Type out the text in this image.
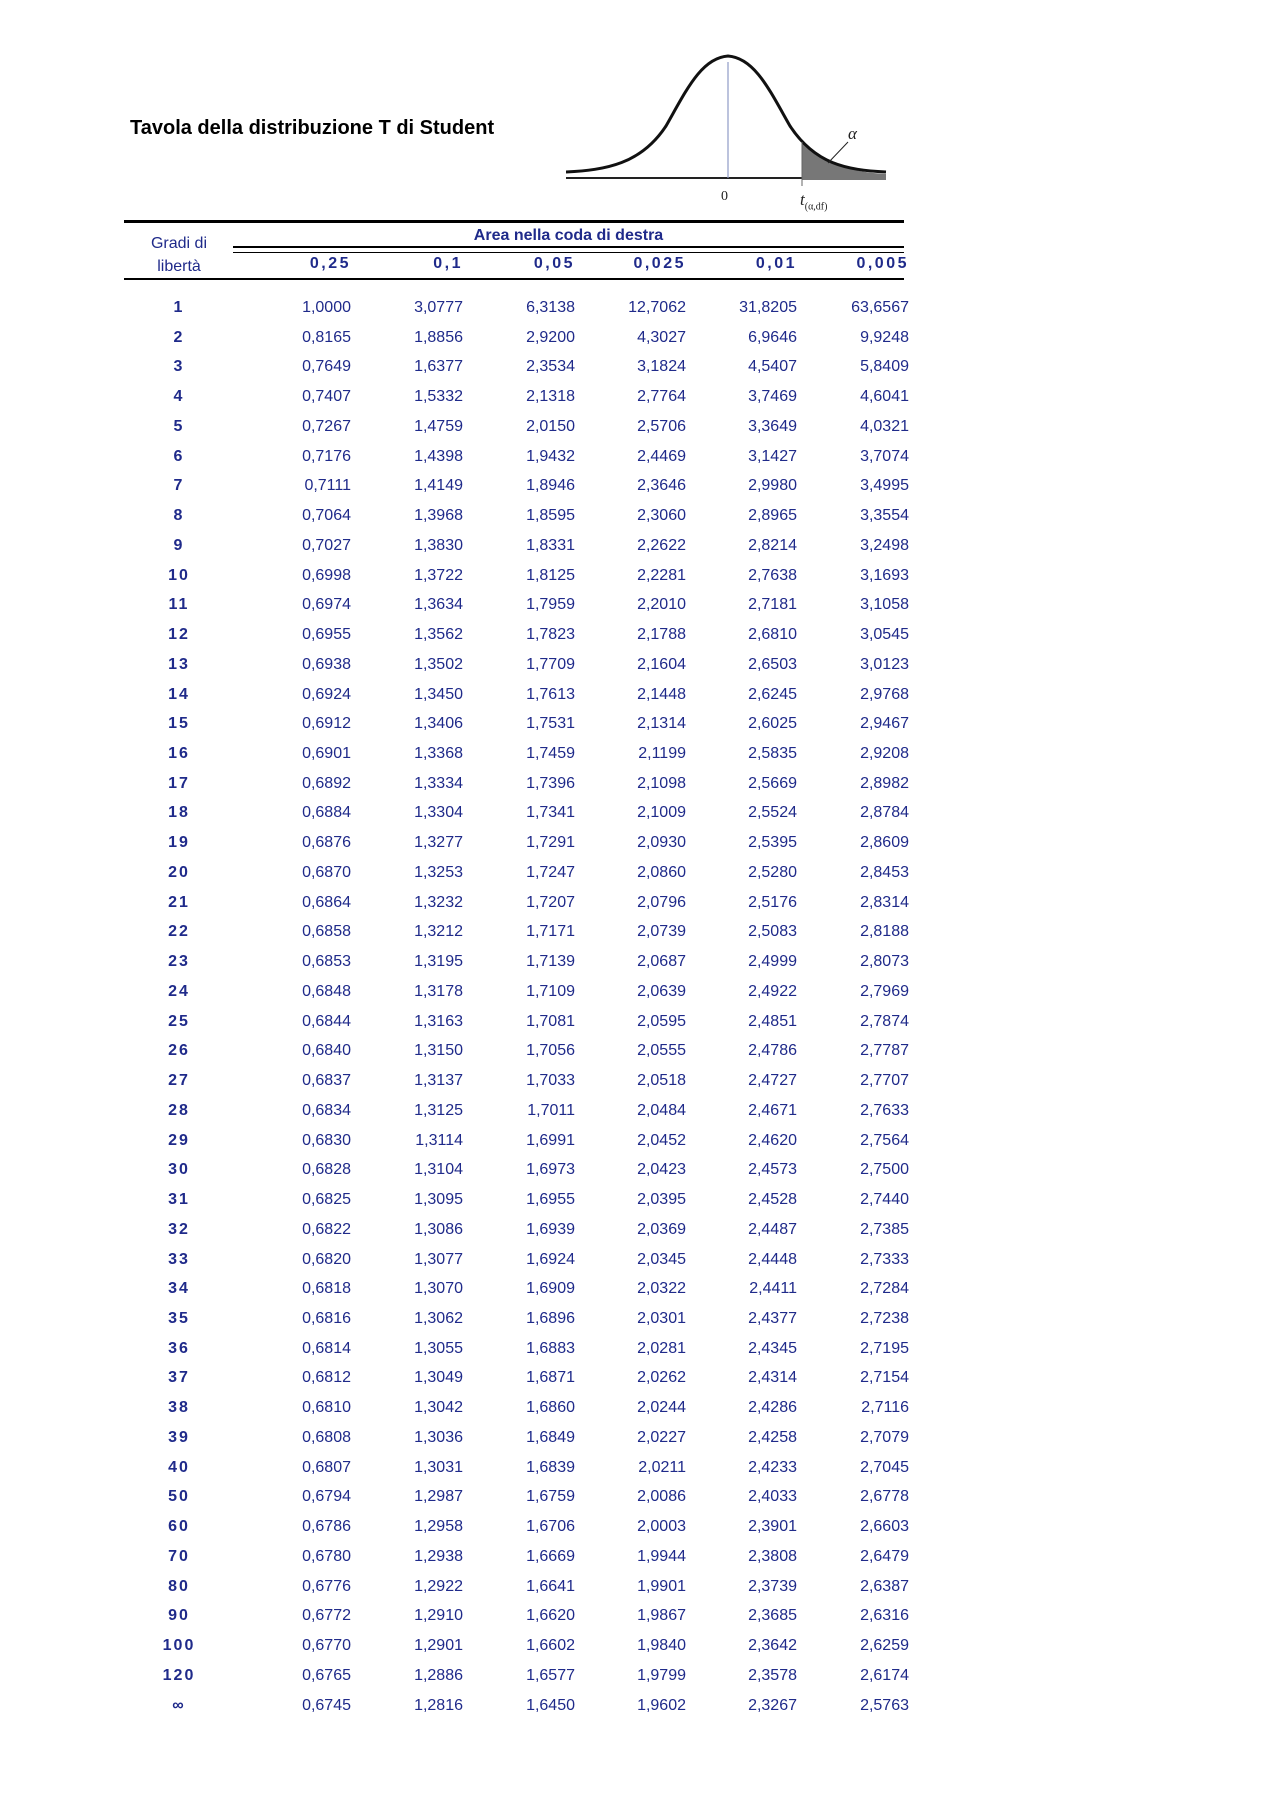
Tavola della distribuzione T di Student
0	$t_{(\alpha,df)}$
α
Gradi di
libertà
Area nella coda di destra
0,25	0,1	0,05	0,025	0,01	0,005
1	1,0000	3,0777	6,3138	12,7062	31,8205	63,6567
2	0,8165	1,8856	2,9200	4,3027	6,9646	9,9248
3	0,7649	1,6377	2,3534	3,1824	4,5407	5,8409
4	0,7407	1,5332	2,1318	2,7764	3,7469	4,6041
5	0,7267	1,4759	2,0150	2,5706	3,3649	4,0321
6	0,7176	1,4398	1,9432	2,4469	3,1427	3,7074
7	0,7111	1,4149	1,8946	2,3646	2,9980	3,4995
8	0,7064	1,3968	1,8595	2,3060	2,8965	3,3554
9	0,7027	1,3830	1,8331	2,2622	2,8214	3,2498
10	0,6998	1,3722	1,8125	2,2281	2,7638	3,1693
11	0,6974	1,3634	1,7959	2,2010	2,7181	3,1058
12	0,6955	1,3562	1,7823	2,1788	2,6810	3,0545
13	0,6938	1,3502	1,7709	2,1604	2,6503	3,0123
14	0,6924	1,3450	1,7613	2,1448	2,6245	2,9768
15	0,6912	1,3406	1,7531	2,1314	2,6025	2,9467
16	0,6901	1,3368	1,7459	2,1199	2,5835	2,9208
17	0,6892	1,3334	1,7396	2,1098	2,5669	2,8982
18	0,6884	1,3304	1,7341	2,1009	2,5524	2,8784
19	0,6876	1,3277	1,7291	2,0930	2,5395	2,8609
20	0,6870	1,3253	1,7247	2,0860	2,5280	2,8453
21	0,6864	1,3232	1,7207	2,0796	2,5176	2,8314
22	0,6858	1,3212	1,7171	2,0739	2,5083	2,8188
23	0,6853	1,3195	1,7139	2,0687	2,4999	2,8073
24	0,6848	1,3178	1,7109	2,0639	2,4922	2,7969
25	0,6844	1,3163	1,7081	2,0595	2,4851	2,7874
26	0,6840	1,3150	1,7056	2,0555	2,4786	2,7787
27	0,6837	1,3137	1,7033	2,0518	2,4727	2,7707
28	0,6834	1,3125	1,7011	2,0484	2,4671	2,7633
29	0,6830	1,3114	1,6991	2,0452	2,4620	2,7564
30	0,6828	1,3104	1,6973	2,0423	2,4573	2,7500
31	0,6825	1,3095	1,6955	2,0395	2,4528	2,7440
32	0,6822	1,3086	1,6939	2,0369	2,4487	2,7385
33	0,6820	1,3077	1,6924	2,0345	2,4448	2,7333
34	0,6818	1,3070	1,6909	2,0322	2,4411	2,7284
35	0,6816	1,3062	1,6896	2,0301	2,4377	2,7238
36	0,6814	1,3055	1,6883	2,0281	2,4345	2,7195
37	0,6812	1,3049	1,6871	2,0262	2,4314	2,7154
38	0,6810	1,3042	1,6860	2,0244	2,4286	2,7116
39	0,6808	1,3036	1,6849	2,0227	2,4258	2,7079
40	0,6807	1,3031	1,6839	2,0211	2,4233	2,7045
50	0,6794	1,2987	1,6759	2,0086	2,4033	2,6778
60	0,6786	1,2958	1,6706	2,0003	2,3901	2,6603
70	0,6780	1,2938	1,6669	1,9944	2,3808	2,6479
80	0,6776	1,2922	1,6641	1,9901	2,3739	2,6387
90	0,6772	1,2910	1,6620	1,9867	2,3685	2,6316
100	0,6770	1,2901	1,6602	1,9840	2,3642	2,6259
120	0,6765	1,2886	1,6577	1,9799	2,3578	2,6174
∞	0,6745	1,2816	1,6450	1,9602	2,3267	2,5763
